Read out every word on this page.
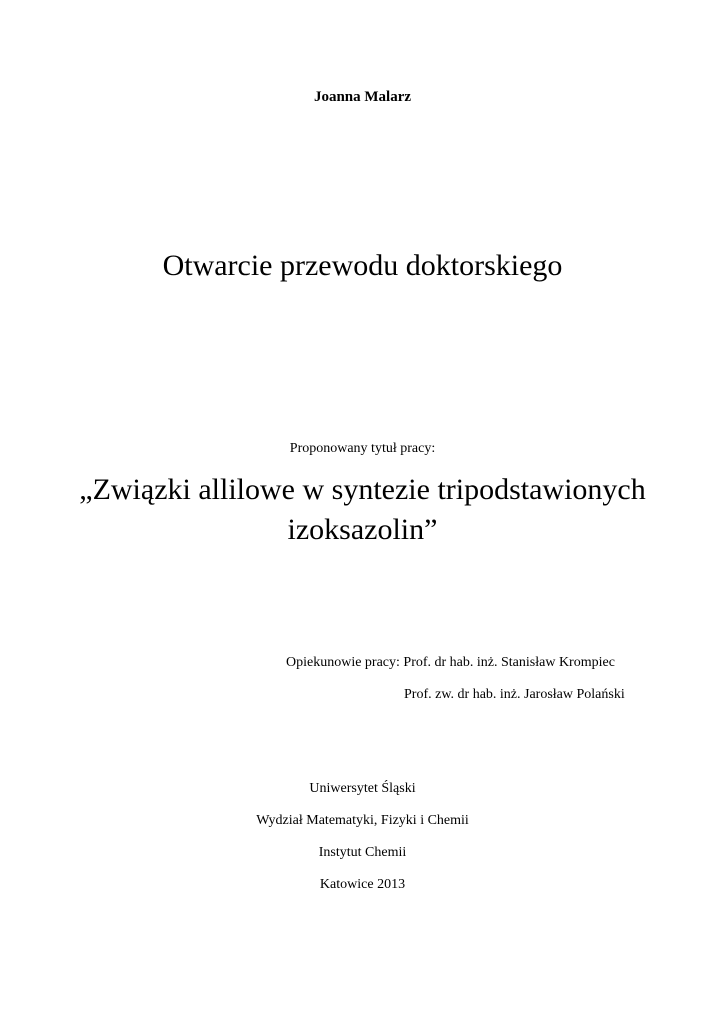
Joanna Malarz
Otwarcie przewodu doktorskiego
Proponowany tytuł pracy:
„Związki allilowe w syntezie tripodstawionych
izoksazolin”
Opiekunowie pracy: Prof. dr hab. inż. Stanisław Krompiec
Prof. zw. dr hab. inż. Jarosław Polański
Uniwersytet Śląski
Wydział Matematyki, Fizyki i Chemii
Instytut Chemii
Katowice 2013
